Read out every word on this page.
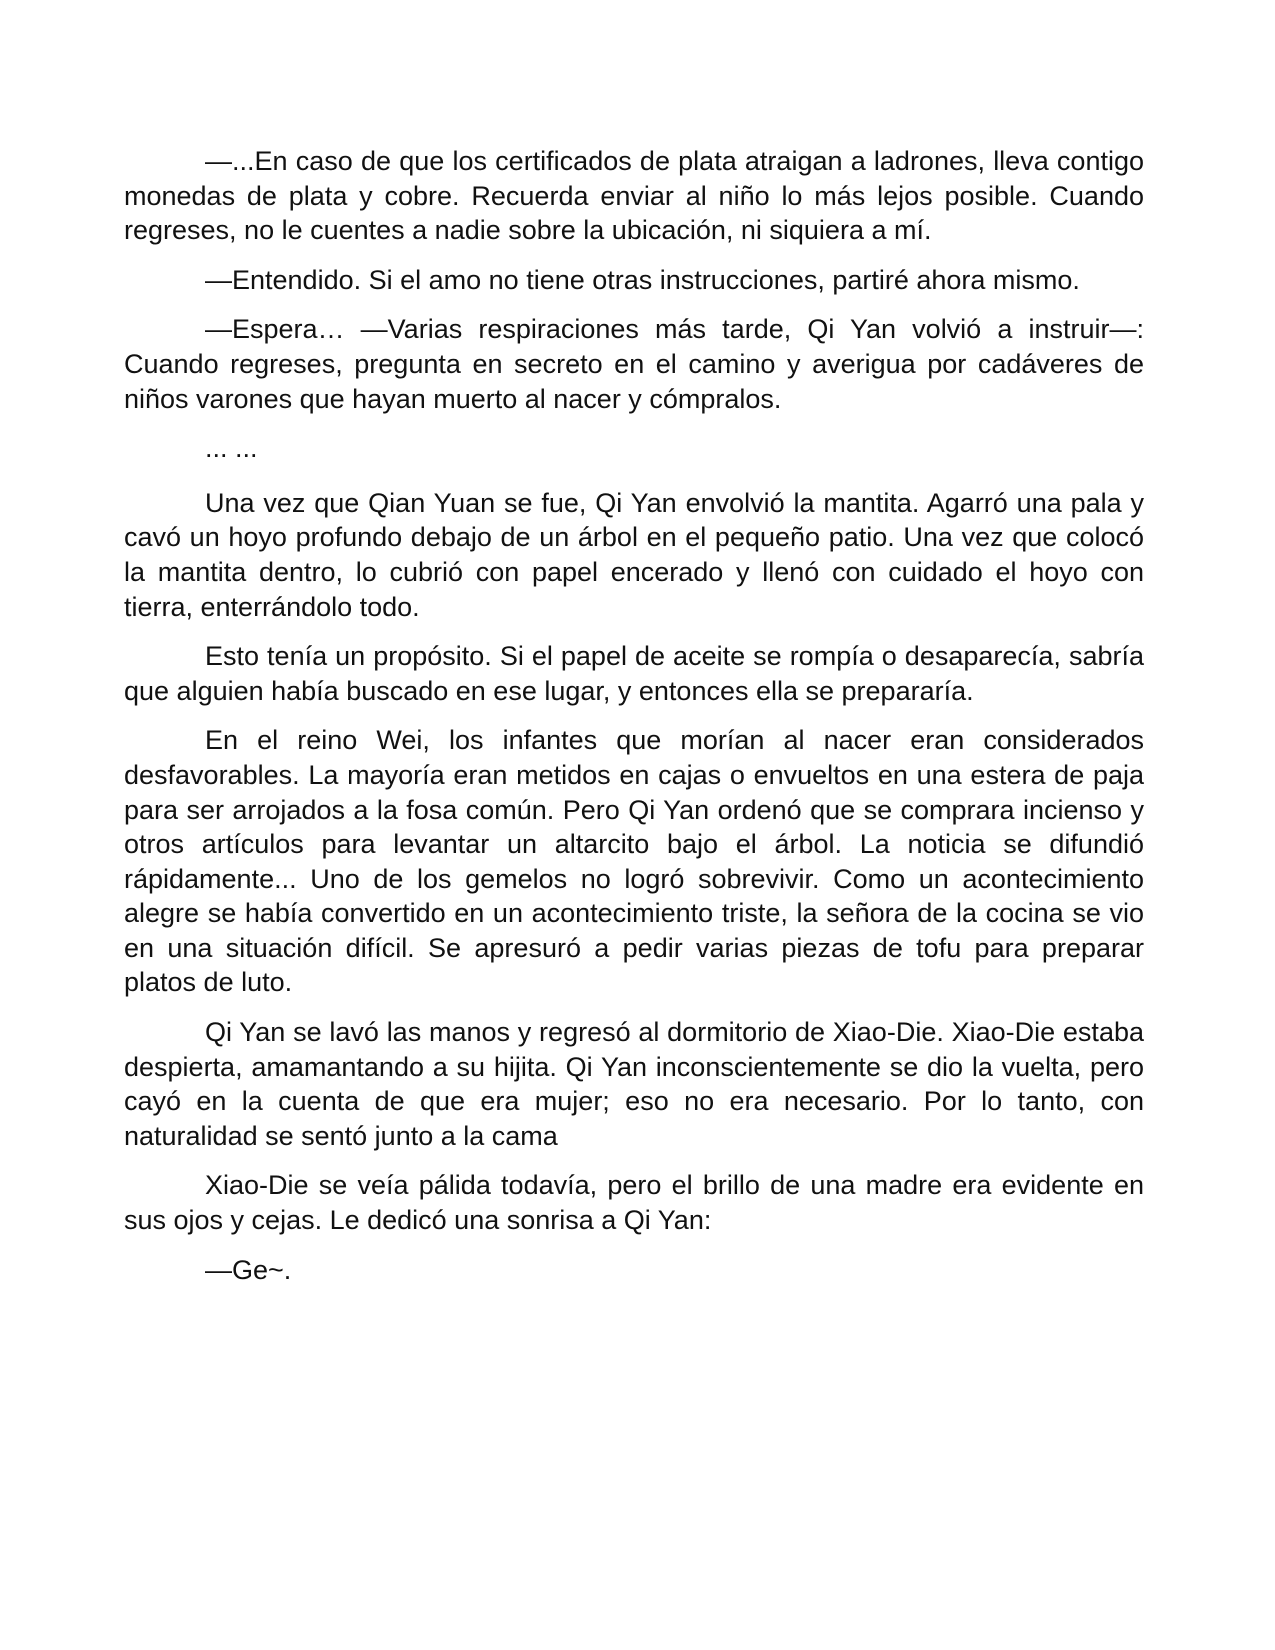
—...En caso de que los certificados de plata atraigan a ladrones, lleva contigo monedas de plata y cobre. Recuerda enviar al niño lo más lejos posible. Cuando regreses, no le cuentes a nadie sobre la ubicación, ni siquiera a mí.

—Entendido. Si el amo no tiene otras instrucciones, partiré ahora mismo.

—Espera… —Varias respiraciones más tarde, Qi Yan volvió a instruir—: Cuando regreses, pregunta en secreto en el camino y averigua por cadáveres de niños varones que hayan muerto al nacer y cómpralos.

... ...

Una vez que Qian Yuan se fue, Qi Yan envolvió la mantita. Agarró una pala y cavó un hoyo profundo debajo de un árbol en el pequeño patio. Una vez que colocó la mantita dentro, lo cubrió con papel encerado y llenó con cuidado el hoyo con tierra, enterrándolo todo.

Esto tenía un propósito. Si el papel de aceite se rompía o desaparecía, sabría que alguien había buscado en ese lugar, y entonces ella se prepararía.

En el reino Wei, los infantes que morían al nacer eran considerados desfavorables. La mayoría eran metidos en cajas o envueltos en una estera de paja para ser arrojados a la fosa común. Pero Qi Yan ordenó que se comprara incienso y otros artículos para levantar un altarcito bajo el árbol. La noticia se difundió rápidamente... Uno de los gemelos no logró sobrevivir. Como un acontecimiento alegre se había convertido en un acontecimiento triste, la señora de la cocina se vio en una situación difícil. Se apresuró a pedir varias piezas de tofu para preparar platos de luto.

Qi Yan se lavó las manos y regresó al dormitorio de Xiao-Die. Xiao-Die estaba despierta, amamantando a su hijita. Qi Yan inconscientemente se dio la vuelta, pero cayó en la cuenta de que era mujer; eso no era necesario. Por lo tanto, con naturalidad se sentó junto a la cama

Xiao-Die se veía pálida todavía, pero el brillo de una madre era evidente en sus ojos y cejas. Le dedicó una sonrisa a Qi Yan:

—Ge~.
